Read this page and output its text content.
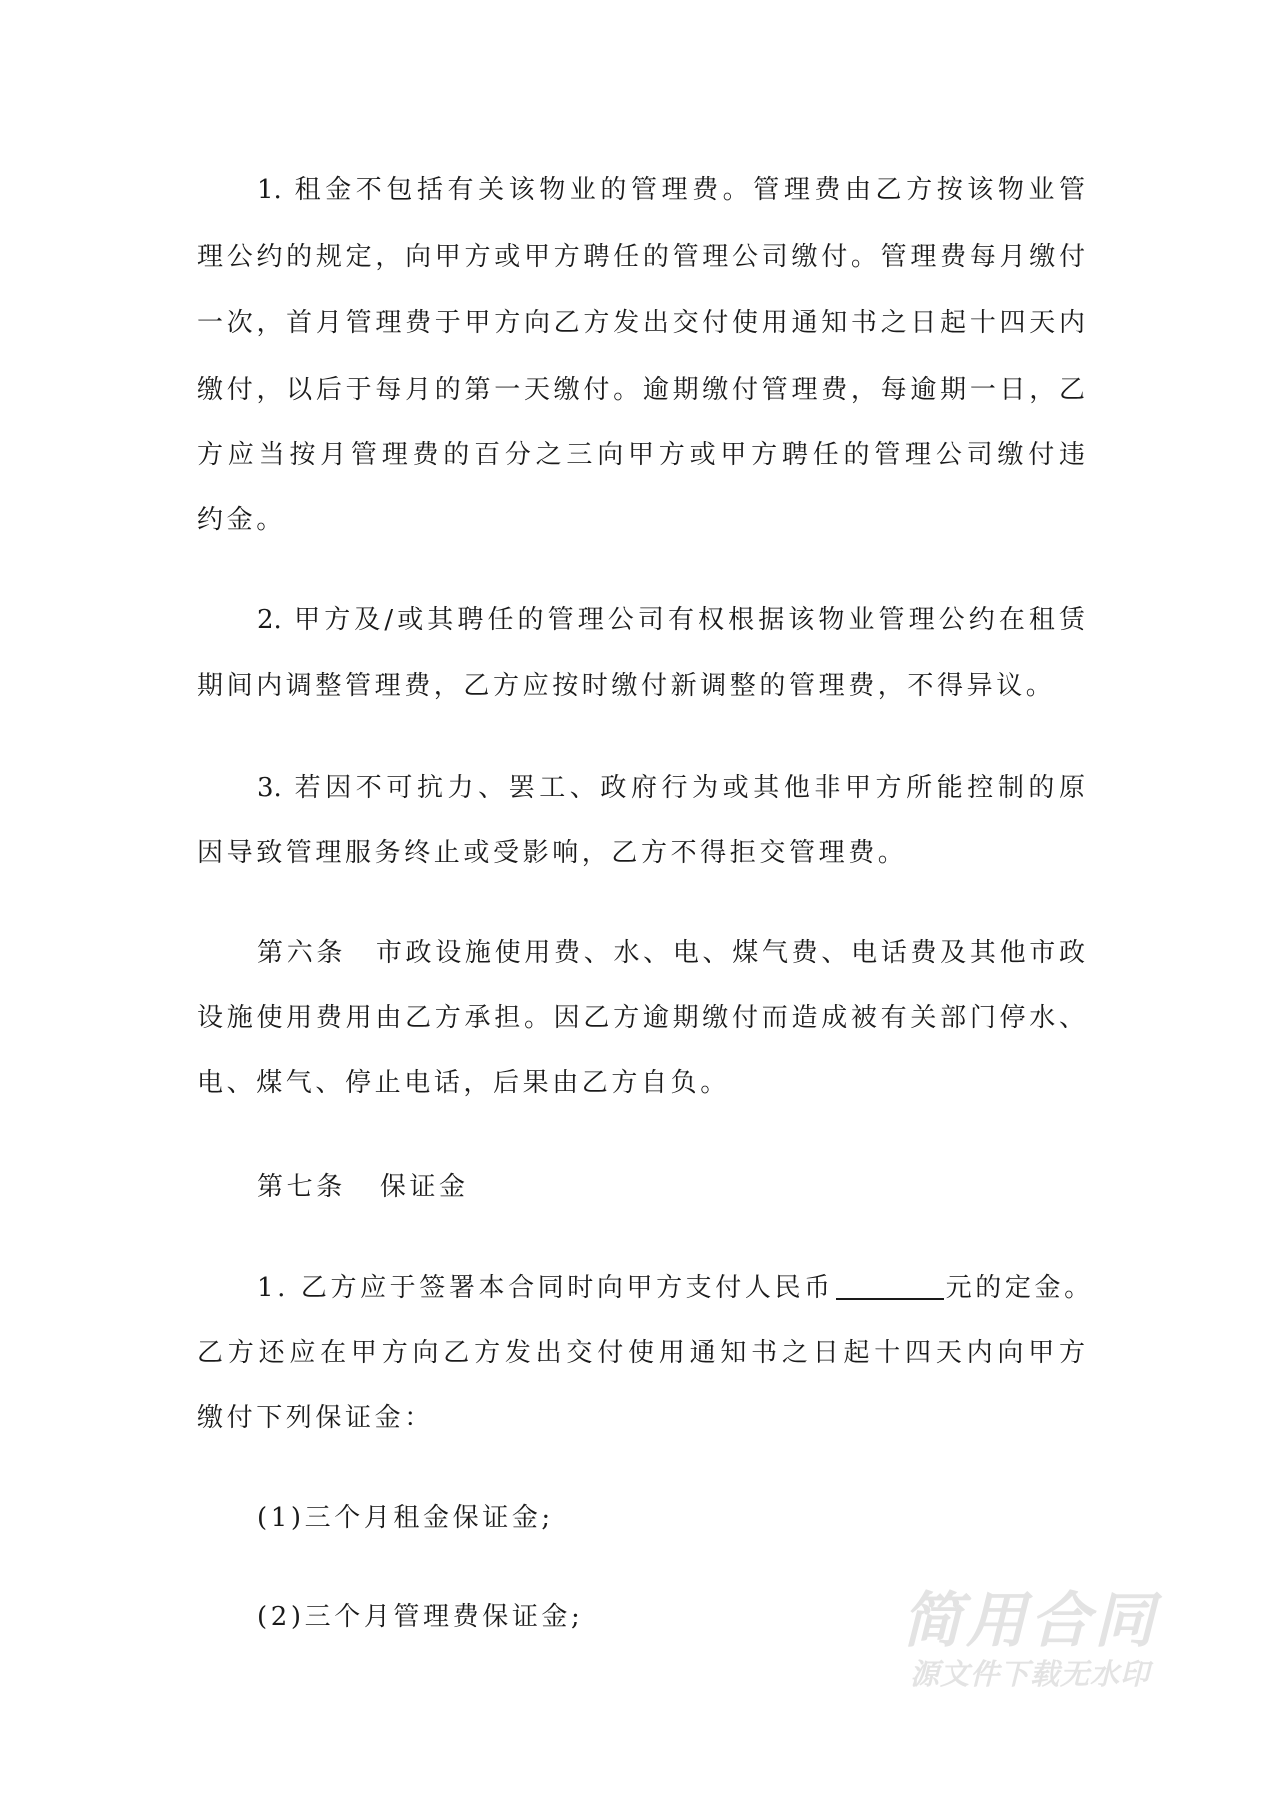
1. 租金不包括有关该物业的管理费。管理费由乙方按该物业管
理公约的规定，向甲方或甲方聘任的管理公司缴付。管理费每月缴付
一次，首月管理费于甲方向乙方发出交付使用通知书之日起十四天内
缴付，以后于每月的第一天缴付。逾期缴付管理费，每逾期一日，乙
方应当按月管理费的百分之三向甲方或甲方聘任的管理公司缴付违
约金。
2. 甲方及/或其聘任的管理公司有权根据该物业管理公约在租赁
期间内调整管理费，乙方应按时缴付新调整的管理费，不得异议。
3. 若因不可抗力、罢工、政府行为或其他非甲方所能控制的原
因导致管理服务终止或受影响，乙方不得拒交管理费。
第六条　市政设施使用费、水、电、煤气费、电话费及其他市政
设施使用费用由乙方承担。因乙方逾期缴付而造成被有关部门停水、
电、煤气、停止电话，后果由乙方自负。
第七条 保证金
1. 乙方应于签署本合同时向甲方支付人民币	元的定金。
乙方还应在甲方向乙方发出交付使用通知书之日起十四天内向甲方
缴付下列保证金：
(1)三个月租金保证金;
(2)三个月管理费保证金;	简用合同
源文件下载无水印
